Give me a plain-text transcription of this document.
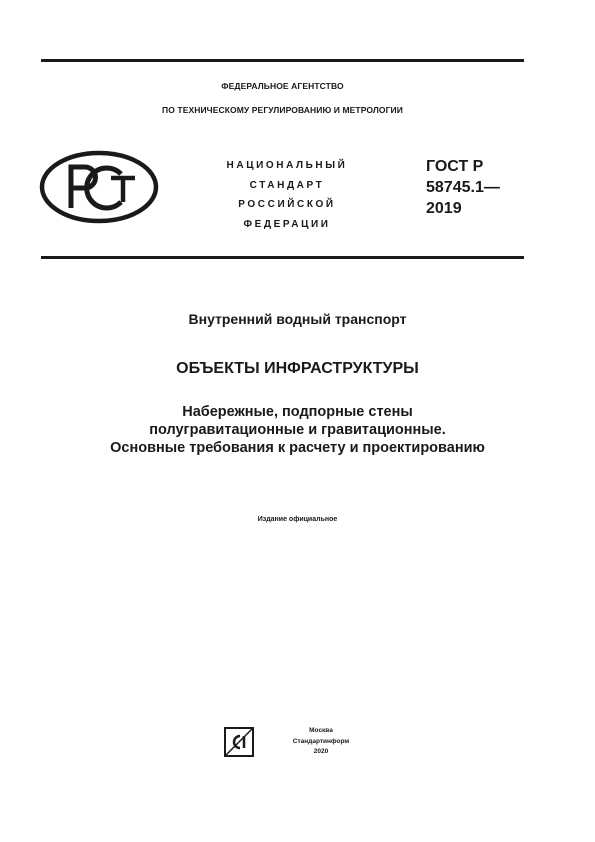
ФЕДЕРАЛЬНОЕ АГЕНТСТВО
ПО ТЕХНИЧЕСКОМУ РЕГУЛИРОВАНИЮ И МЕТРОЛОГИИ
НАЦИОНАЛЬНЫЙ
СТАНДАРТ
РОССИЙСКОЙ
ФЕДЕРАЦИИ
ГОСТ Р
58745.1—
2019
Внутренний водный транспорт
ОБЪЕКТЫ ИНФРАСТРУКТУРЫ
Набережные, подпорные стены
полугравитационные и гравитационные.
Основные требования к расчету и проектированию
Издание официальное
Москва
Стандартинформ
2020
